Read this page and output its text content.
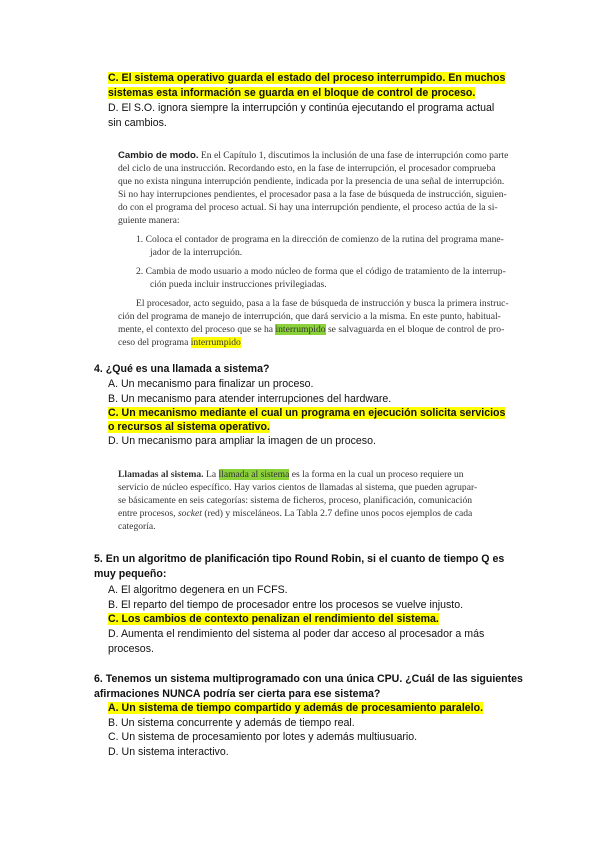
C. El sistema operativo guarda el estado del proceso interrumpido. En muchos
sistemas esta información se guarda en el bloque de control de proceso.
D. El S.O. ignora siempre la interrupción y continúa ejecutando el programa actual
sin cambios.
Cambio de modo. En el Capítulo 1, discutimos la inclusión de una fase de interrupción como parte
del ciclo de una instrucción. Recordando esto, en la fase de interrupción, el procesador comprueba
que no exista ninguna interrupción pendiente, indicada por la presencia de una señal de interrupción.
Si no hay interrupciones pendientes, el procesador pasa a la fase de búsqueda de instrucción, siguien-
do con el programa del proceso actual. Si hay una interrupción pendiente, el proceso actúa de la si-
guiente manera:
1. Coloca el contador de programa en la dirección de comienzo de la rutina del programa mane-
jador de la interrupción.
2. Cambia de modo usuario a modo núcleo de forma que el código de tratamiento de la interrup-
ción pueda incluir instrucciones privilegiadas.
El procesador, acto seguido, pasa a la fase de búsqueda de instrucción y busca la primera instruc-
ción del programa de manejo de interrupción, que dará servicio a la misma. En este punto, habitual-
mente, el contexto del proceso que se ha interrumpido se salvaguarda en el bloque de control de pro-
ceso del programa interrumpido
4. ¿Qué es una llamada a sistema?
A. Un mecanismo para finalizar un proceso.
B. Un mecanismo para atender interrupciones del hardware.
C. Un mecanismo mediante el cual un programa en ejecución solicita servicios
o recursos al sistema operativo.
D. Un mecanismo para ampliar la imagen de un proceso.
Llamadas al sistema. La llamada al sistema es la forma en la cual un proceso requiere un
servicio de núcleo específico. Hay varios cientos de llamadas al sistema, que pueden agrupar-
se básicamente en seis categorías: sistema de ficheros, proceso, planificación, comunicación
entre procesos, socket (red) y misceláneos. La Tabla 2.7 define unos pocos ejemplos de cada
categoría.
5. En un algoritmo de planificación tipo Round Robin, si el cuanto de tiempo Q es
muy pequeño:
A. El algoritmo degenera en un FCFS.
B. El reparto del tiempo de procesador entre los procesos se vuelve injusto.
C. Los cambios de contexto penalizan el rendimiento del sistema.
D. Aumenta el rendimiento del sistema al poder dar acceso al procesador a más
procesos.
6. Tenemos un sistema multiprogramado con una única CPU. ¿Cuál de las siguientes
afirmaciones NUNCA podría ser cierta para ese sistema?
A. Un sistema de tiempo compartido y además de procesamiento paralelo.
B. Un sistema concurrente y además de tiempo real.
C. Un sistema de procesamiento por lotes y además multiusuario.
D. Un sistema interactivo.
